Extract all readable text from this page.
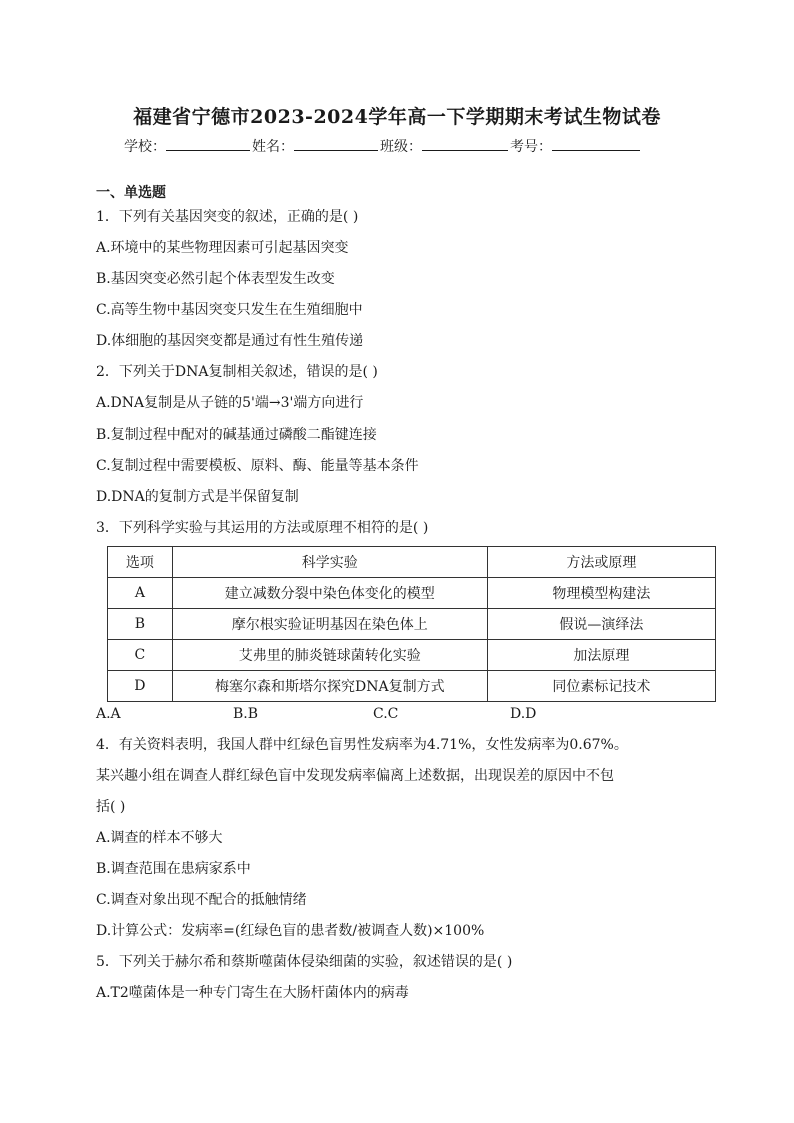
福建省宁德市2023-2024学年高一下学期期末考试生物试卷
学校：	姓名：	班级：	考号：
一、单选题
1．下列有关基因突变的叙述，正确的是( )
A.环境中的某些物理因素可引起基因突变
B.基因突变必然引起个体表型发生改变
C.高等生物中基因突变只发生在生殖细胞中
D.体细胞的基因突变都是通过有性生殖传递
2．下列关于DNA复制相关叙述，错误的是( )
A.DNA复制是从子链的5'端→3'端方向进行
B.复制过程中配对的碱基通过磷酸二酯键连接
C.复制过程中需要模板、原料、酶、能量等基本条件
D.DNA的复制方式是半保留复制
3．下列科学实验与其运用的方法或原理不相符的是( )
选项	科学实验	方法或原理
A	建立减数分裂中染色体变化的模型	物理模型构建法
B	摩尔根实验证明基因在染色体上	假说—演绎法
C	艾弗里的肺炎链球菌转化实验	加法原理
D	梅塞尔森和斯塔尔探究DNA复制方式	同位素标记技术
A.A	B.B	C.C	D.D
4．有关资料表明，我国人群中红绿色盲男性发病率为4.71%，女性发病率为0.67%。
某兴趣小组在调查人群红绿色盲中发现发病率偏离上述数据，出现误差的原因中不包
括( )
A.调查的样本不够大
B.调查范围在患病家系中
C.调查对象出现不配合的抵触情绪
D.计算公式：发病率=(红绿色盲的患者数/被调查人数)×100%
5．下列关于赫尔希和蔡斯噬菌体侵染细菌的实验，叙述错误的是( )
A.T2噬菌体是一种专门寄生在大肠杆菌体内的病毒
